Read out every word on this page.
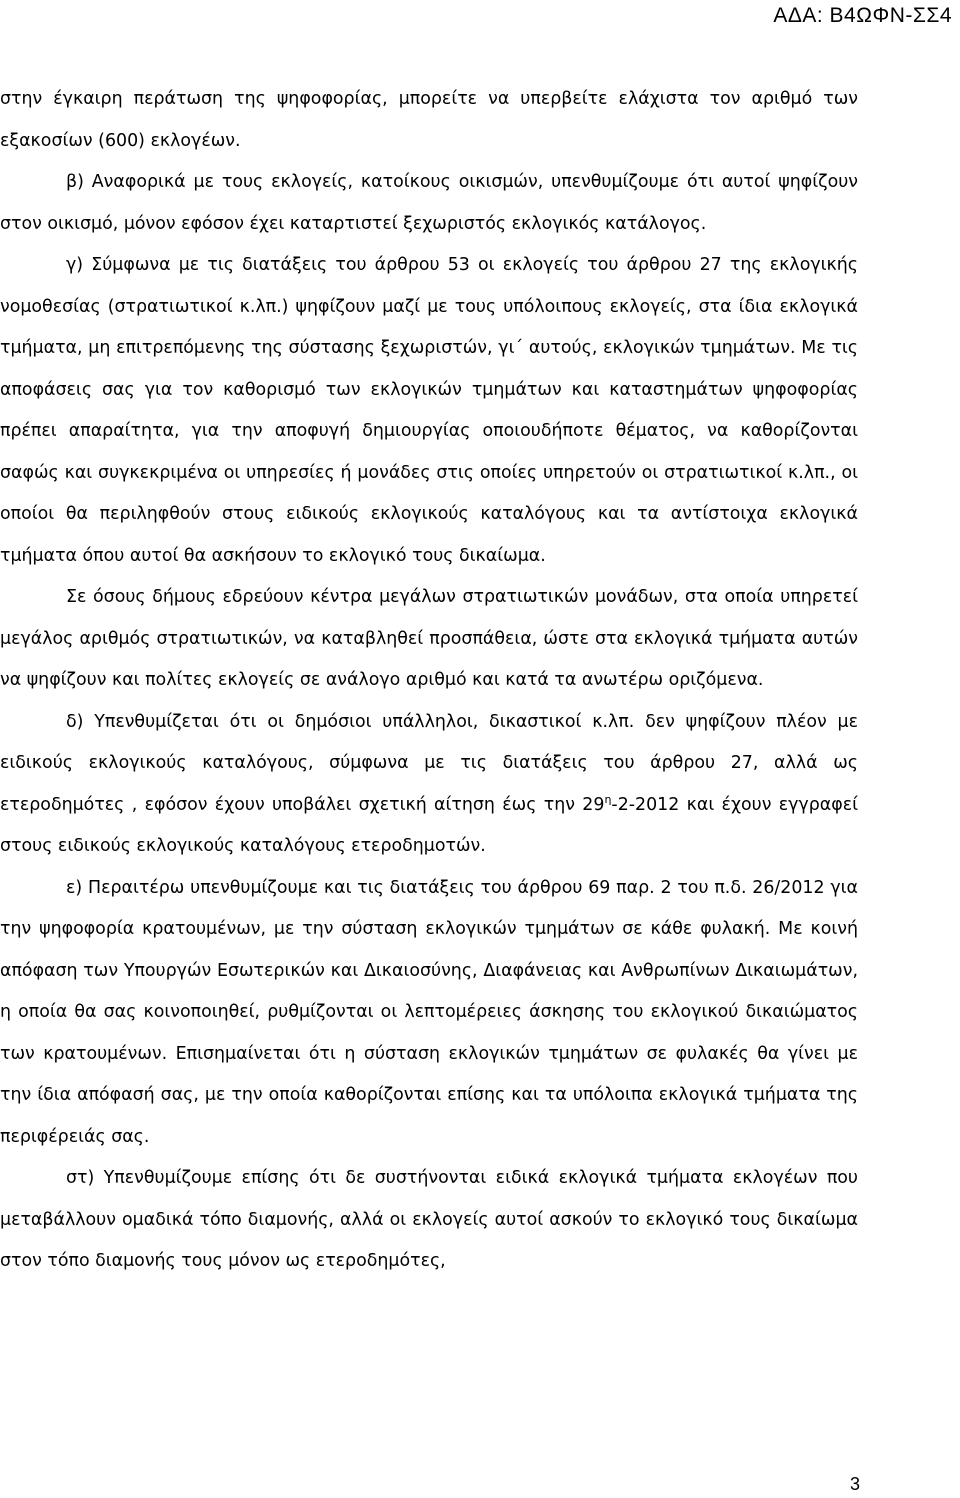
ΑΔΑ: Β4ΩΦΝ-ΣΣ4

στην έγκαιρη περάτωση της ψηφοφορίας, μπορείτε να υπερβείτε ελάχιστα τον αριθμό των εξακοσίων (600) εκλογέων.

β) Αναφορικά με τους εκλογείς, κατοίκους οικισμών, υπενθυμίζουμε ότι αυτοί ψηφίζουν στον οικισμό, μόνον εφόσον έχει καταρτιστεί ξεχωριστός εκλογικός κατάλογος.

γ) Σύμφωνα με τις διατάξεις του άρθρου 53 οι εκλογείς του άρθρου 27 της εκλογικής νομοθεσίας (στρατιωτικοί κ.λπ.) ψηφίζουν μαζί με τους υπόλοιπους εκλογείς, στα ίδια εκλογικά τμήματα, μη επιτρεπόμενης της σύστασης ξεχωριστών, γι΄ αυτούς, εκλογικών τμημάτων. Με τις αποφάσεις σας για τον καθορισμό των εκλογικών τμημάτων και καταστημάτων ψηφοφορίας πρέπει απαραίτητα, για την αποφυγή δημιουργίας οποιουδήποτε θέματος, να καθορίζονται σαφώς και συγκεκριμένα οι υπηρεσίες ή μονάδες στις οποίες υπηρετούν οι στρατιωτικοί κ.λπ., οι οποίοι θα περιληφθούν στους ειδικούς εκλογικούς καταλόγους και τα αντίστοιχα εκλογικά τμήματα όπου αυτοί θα ασκήσουν το εκλογικό τους δικαίωμα.

Σε όσους δήμους εδρεύουν κέντρα μεγάλων στρατιωτικών μονάδων, στα οποία υπηρετεί μεγάλος αριθμός στρατιωτικών, να καταβληθεί προσπάθεια, ώστε στα εκλογικά τμήματα αυτών να ψηφίζουν και πολίτες εκλογείς σε ανάλογο αριθμό και κατά τα ανωτέρω οριζόμενα.

δ) Υπενθυμίζεται ότι οι δημόσιοι υπάλληλοι, δικαστικοί κ.λπ. δεν ψηφίζουν πλέον με ειδικούς εκλογικούς καταλόγους, σύμφωνα με τις διατάξεις του άρθρου 27, αλλά ως ετεροδημότες , εφόσον έχουν υποβάλει σχετική αίτηση έως την $29^\eta-2-2012$ και έχουν εγγραφεί στους ειδικούς εκλογικούς καταλόγους ετεροδημοτών.

ε) Περαιτέρω υπενθυμίζουμε και τις διατάξεις του άρθρου 69 παρ. 2 του π.δ. 26/2012 για την ψηφοφορία κρατουμένων, με την σύσταση εκλογικών τμημάτων σε κάθε φυλακή. Με κοινή απόφαση των Υπουργών Εσωτερικών και Δικαιοσύνης, Διαφάνειας και Ανθρωπίνων Δικαιωμάτων, η οποία θα σας κοινοποιηθεί, ρυθμίζονται οι λεπτομέρειες άσκησης του εκλογικού δικαιώματος των κρατουμένων. Επισημαίνεται ότι η σύσταση εκλογικών τμημάτων σε φυλακές θα γίνει με την ίδια απόφασή σας, με την οποία καθορίζονται επίσης και τα υπόλοιπα εκλογικά τμήματα της περιφέρειάς σας.

στ) Υπενθυμίζουμε επίσης ότι δε συστήνονται ειδικά εκλογικά τμήματα εκλογέων που μεταβάλλουν ομαδικά τόπο διαμονής, αλλά οι εκλογείς αυτοί ασκούν το εκλογικό τους δικαίωμα στον τόπο διαμονής τους μόνον ως ετεροδημότες,

3
